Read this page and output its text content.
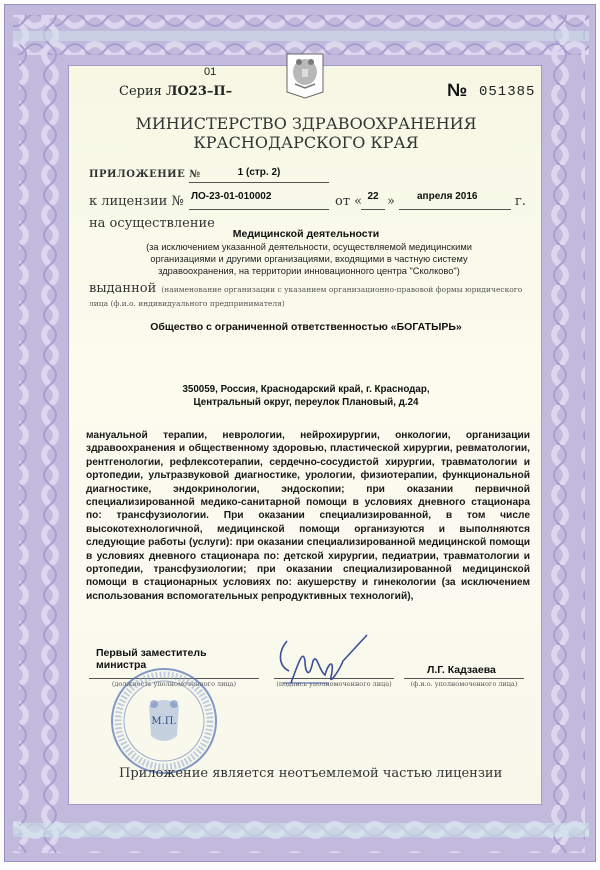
Серия ЛО23–П–
01
№ 051385
МИНИСТЕРСТВО ЗДРАВООХРАНЕНИЯ
КРАСНОДАРСКОГО КРАЯ
ПРИЛОЖЕНИЕ №	1 (стр. 2)
к лицензии № ЛО-23-01-010002	от « 22 » апреля 2016	г.
на осуществление
Медицинской деятельности
(за исключением указанной деятельности, осуществляемой медицинскими организациями и другими организациями, входящими в частную систему здравоохранения, на территории инновационного центра "Сколково")
выданной (наименование организации с указанием организационно-правовой формы юридического лица (ф.и.о. индивидуального предпринимателя)
Общество с ограниченной ответственностью «БОГАТЫРЬ»
350059, Россия, Краснодарский край, г. Краснодар, Центральный округ, переулок Плановый, д.24
мануальной терапии, неврологии, нейрохирургии, онкологии, организации здравоохранения и общественному здоровью, пластической хирургии, ревматологии, рентгенологии, рефлексотерапии, сердечно-сосудистой хирургии, травматологии и ортопедии, ультразвуковой диагностике, урологии, физиотерапии, функциональной диагностике, эндокринологии, эндоскопии; при оказании первичной специализированной медико-санитарной помощи в условиях дневного стационара по: трансфузиологии. При оказании специализированной, в том числе высокотехнологичной, медицинской помощи организуются и выполняются следующие работы (услуги): при оказании специализированной медицинской помощи в условиях дневного стационара по: детской хирургии, педиатрии, травматологии и ортопедии, трансфузиологии; при оказании специализированной медицинской помощи в стационарных условиях по: акушерству и гинекологии (за исключением использования вспомогательных репродуктивных технологий),
Первый заместитель министра
(должность уполномоченного лица)	(подпись уполномоченного лица)
Л.Г. Кадзаева
(ф.и.о. уполномоченного лица)
М.П.
Приложение является неотъемлемой частью лицензии
